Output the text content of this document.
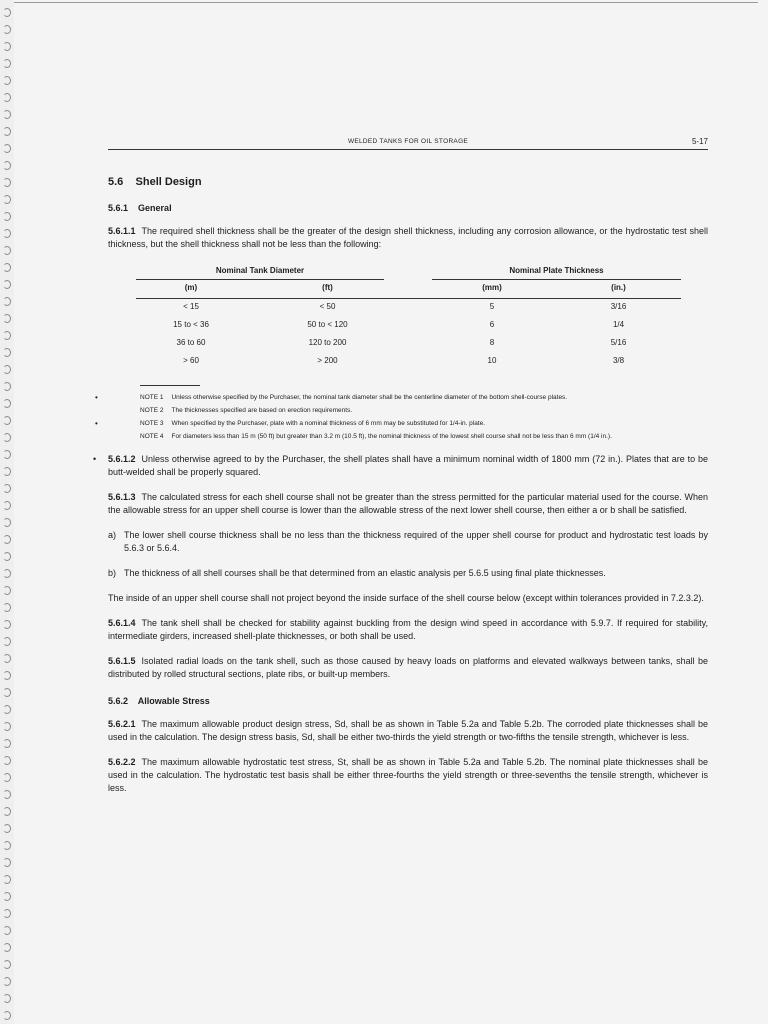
WELDED TANKS FOR OIL STORAGE	5-17
5.6 Shell Design
5.6.1 General

5.6.1.1 The required shell thickness shall be the greater of the design shell thickness, including any corrosion allowance, or the hydrostatic test shell thickness, but the shell thickness shall not be less than the following:

Nominal Tank Diameter	Nominal Plate Thickness
(m)	(ft)	(mm)	(in.)
< 15	< 50	5	3/16
15 to < 36	50 to < 120	6	1/4
36 to 60	120 to 200	8	5/16
> 60	> 200	10	3/8
•	NOTE 1 Unless otherwise specified by the Purchaser, the nominal tank diameter shall be the centerline diameter of the bottom shell-course plates.
NOTE 2 The thicknesses specified are based on erection requirements.
•	NOTE 3 When specified by the Purchaser, plate with a nominal thickness of 6 mm may be substituted for 1/4-in. plate.
NOTE 4 For diameters less than 15 m (50 ft) but greater than 3.2 m (10.5 ft), the nominal thickness of the lowest shell course shall not be less than 6 mm (1/4 in.).

• 5.6.1.2 Unless otherwise agreed to by the Purchaser, the shell plates shall have a minimum nominal width of 1800 mm (72 in.). Plates that are to be butt-welded shall be properly squared.

5.6.1.3 The calculated stress for each shell course shall not be greater than the stress permitted for the particular material used for the course. When the allowable stress for an upper shell course is lower than the allowable stress of the next lower shell course, then either a or b shall be satisfied.

a) The lower shell course thickness shall be no less than the thickness required of the upper shell course for product and hydrostatic test loads by 5.6.3 or 5.6.4.
b) The thickness of all shell courses shall be that determined from an elastic analysis per 5.6.5 using final plate thicknesses.

The inside of an upper shell course shall not project beyond the inside surface of the shell course below (except within tolerances provided in 7.2.3.2).

5.6.1.4 The tank shell shall be checked for stability against buckling from the design wind speed in accordance with 5.9.7. If required for stability, intermediate girders, increased shell-plate thicknesses, or both shall be used.

5.6.1.5 Isolated radial loads on the tank shell, such as those caused by heavy loads on platforms and elevated walkways between tanks, shall be distributed by rolled structural sections, plate ribs, or built-up members.

5.6.2 Allowable Stress

5.6.2.1 The maximum allowable product design stress, Sd, shall be as shown in Table 5.2a and Table 5.2b. The corroded plate thicknesses shall be used in the calculation. The design stress basis, Sd, shall be either two-thirds the yield strength or two-fifths the tensile strength, whichever is less.

5.6.2.2 The maximum allowable hydrostatic test stress, St, shall be as shown in Table 5.2a and Table 5.2b. The nominal plate thicknesses shall be used in the calculation. The hydrostatic test basis shall be either three-fourths the yield strength or three-sevenths the tensile strength, whichever is less.
